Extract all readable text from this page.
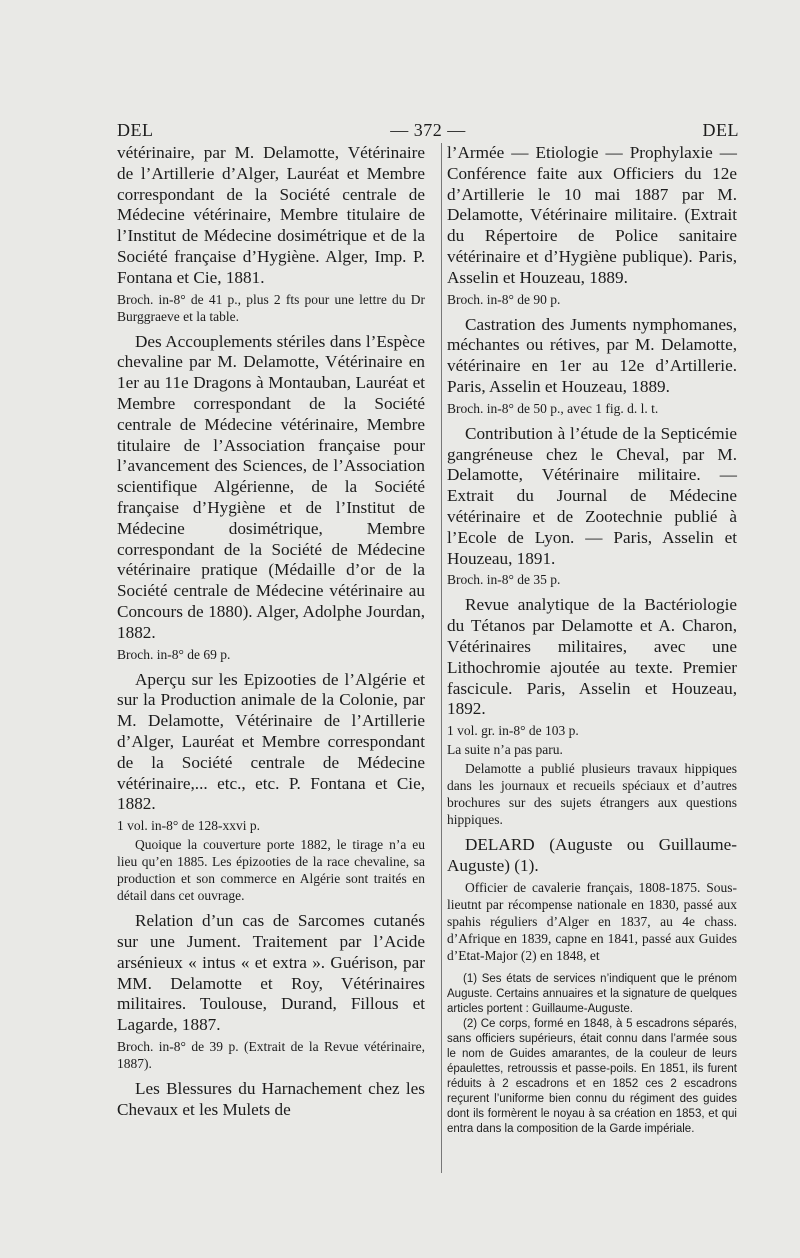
DEL	— 372 —	DEL

vétérinaire, par M. Delamotte, Vétérinaire de l’Artillerie d’Alger, Lauréat et Membre correspondant de la Société centrale de Médecine vétérinaire, Membre titulaire de l’Institut de Médecine dosimétrique et de la Société française d’Hygiène. Alger, Imp. P. Fontana et Cie, 1881.

Broch. in-8° de 41 p., plus 2 fts pour une lettre du Dr Burggraeve et la table.

Des Accouplements stériles dans l’Espèce chevaline par M. Delamotte, Vétérinaire en 1er au 11e Dragons à Montauban, Lauréat et Membre correspondant de la Société centrale de Médecine vétérinaire, Membre titulaire de l’Association française pour l’avancement des Sciences, de l’Association scientifique Algérienne, de la Société française d’Hygiène et de l’Institut de Médecine dosimétrique, Membre correspondant de la Société de Médecine vétérinaire pratique (Médaille d’or de la Société centrale de Médecine vétérinaire au Concours de 1880). Alger, Adolphe Jourdan, 1882.

Broch. in-8° de 69 p.

Aperçu sur les Epizooties de l’Algérie et sur la Production animale de la Colonie, par M. Delamotte, Vétérinaire de l’Artillerie d’Alger, Lauréat et Membre correspondant de la Société centrale de Médecine vétérinaire,... etc., etc. P. Fontana et Cie, 1882.

1 vol. in-8° de 128-xxvi p.

Quoique la couverture porte 1882, le tirage n’a eu lieu qu’en 1885. Les épizooties de la race chevaline, sa production et son commerce en Algérie sont traités en détail dans cet ouvrage.

Relation d’un cas de Sarcomes cutanés sur une Jument. Traitement par l’Acide arsénieux « intus « et extra ». Guérison, par MM. Delamotte et Roy, Vétérinaires militaires. Toulouse, Durand, Fillous et Lagarde, 1887.

Broch. in-8° de 39 p. (Extrait de la Revue vétérinaire, 1887).

Les Blessures du Harnachement chez les Chevaux et les Mulets de

l’Armée — Etiologie — Prophylaxie — Conférence faite aux Officiers du 12e d’Artillerie le 10 mai 1887 par M. Delamotte, Vétérinaire militaire. (Extrait du Répertoire de Police sanitaire vétérinaire et d’Hygiène publique). Paris, Asselin et Houzeau, 1889.

Broch. in-8° de 90 p.

Castration des Juments nymphomanes, méchantes ou rétives, par M. Delamotte, vétérinaire en 1er au 12e d’Artillerie. Paris, Asselin et Houzeau, 1889.

Broch. in-8° de 50 p., avec 1 fig. d. l. t.

Contribution à l’étude de la Septicémie gangréneuse chez le Cheval, par M. Delamotte, Vétérinaire militaire. — Extrait du Journal de Médecine vétérinaire et de Zootechnie publié à l’Ecole de Lyon. — Paris, Asselin et Houzeau, 1891.

Broch. in-8° de 35 p.

Revue analytique de la Bactériologie du Tétanos par Delamotte et A. Charon, Vétérinaires militaires, avec une Lithochromie ajoutée au texte. Premier fascicule. Paris, Asselin et Houzeau, 1892.

1 vol. gr. in-8° de 103 p.

La suite n’a pas paru.

Delamotte a publié plusieurs travaux hippiques dans les journaux et recueils spéciaux et d’autres brochures sur des sujets étrangers aux questions hippiques.

DELARD (Auguste ou Guillaume-Auguste) (1).

Officier de cavalerie français, 1808-1875. Sous-lieutnt par récompense nationale en 1830, passé aux spahis réguliers d’Alger en 1837, au 4e chass. d’Afrique en 1839, capne en 1841, passé aux Guides d’Etat-Major (2) en 1848, et

(1) Ses états de services n’indiquent que le prénom Auguste. Certains annuaires et la signature de quelques articles portent : Guillaume-Auguste.

(2) Ce corps, formé en 1848, à 5 escadrons séparés, sans officiers supérieurs, était connu dans l’armée sous le nom de Guides amarantes, de la couleur de leurs épaulettes, retroussis et passe-poils. En 1851, ils furent réduits à 2 escadrons et en 1852 ces 2 escadrons reçurent l’uniforme bien connu du régiment des guides dont ils formèrent le noyau à sa création en 1853, et qui entra dans la composition de la Garde impériale.
